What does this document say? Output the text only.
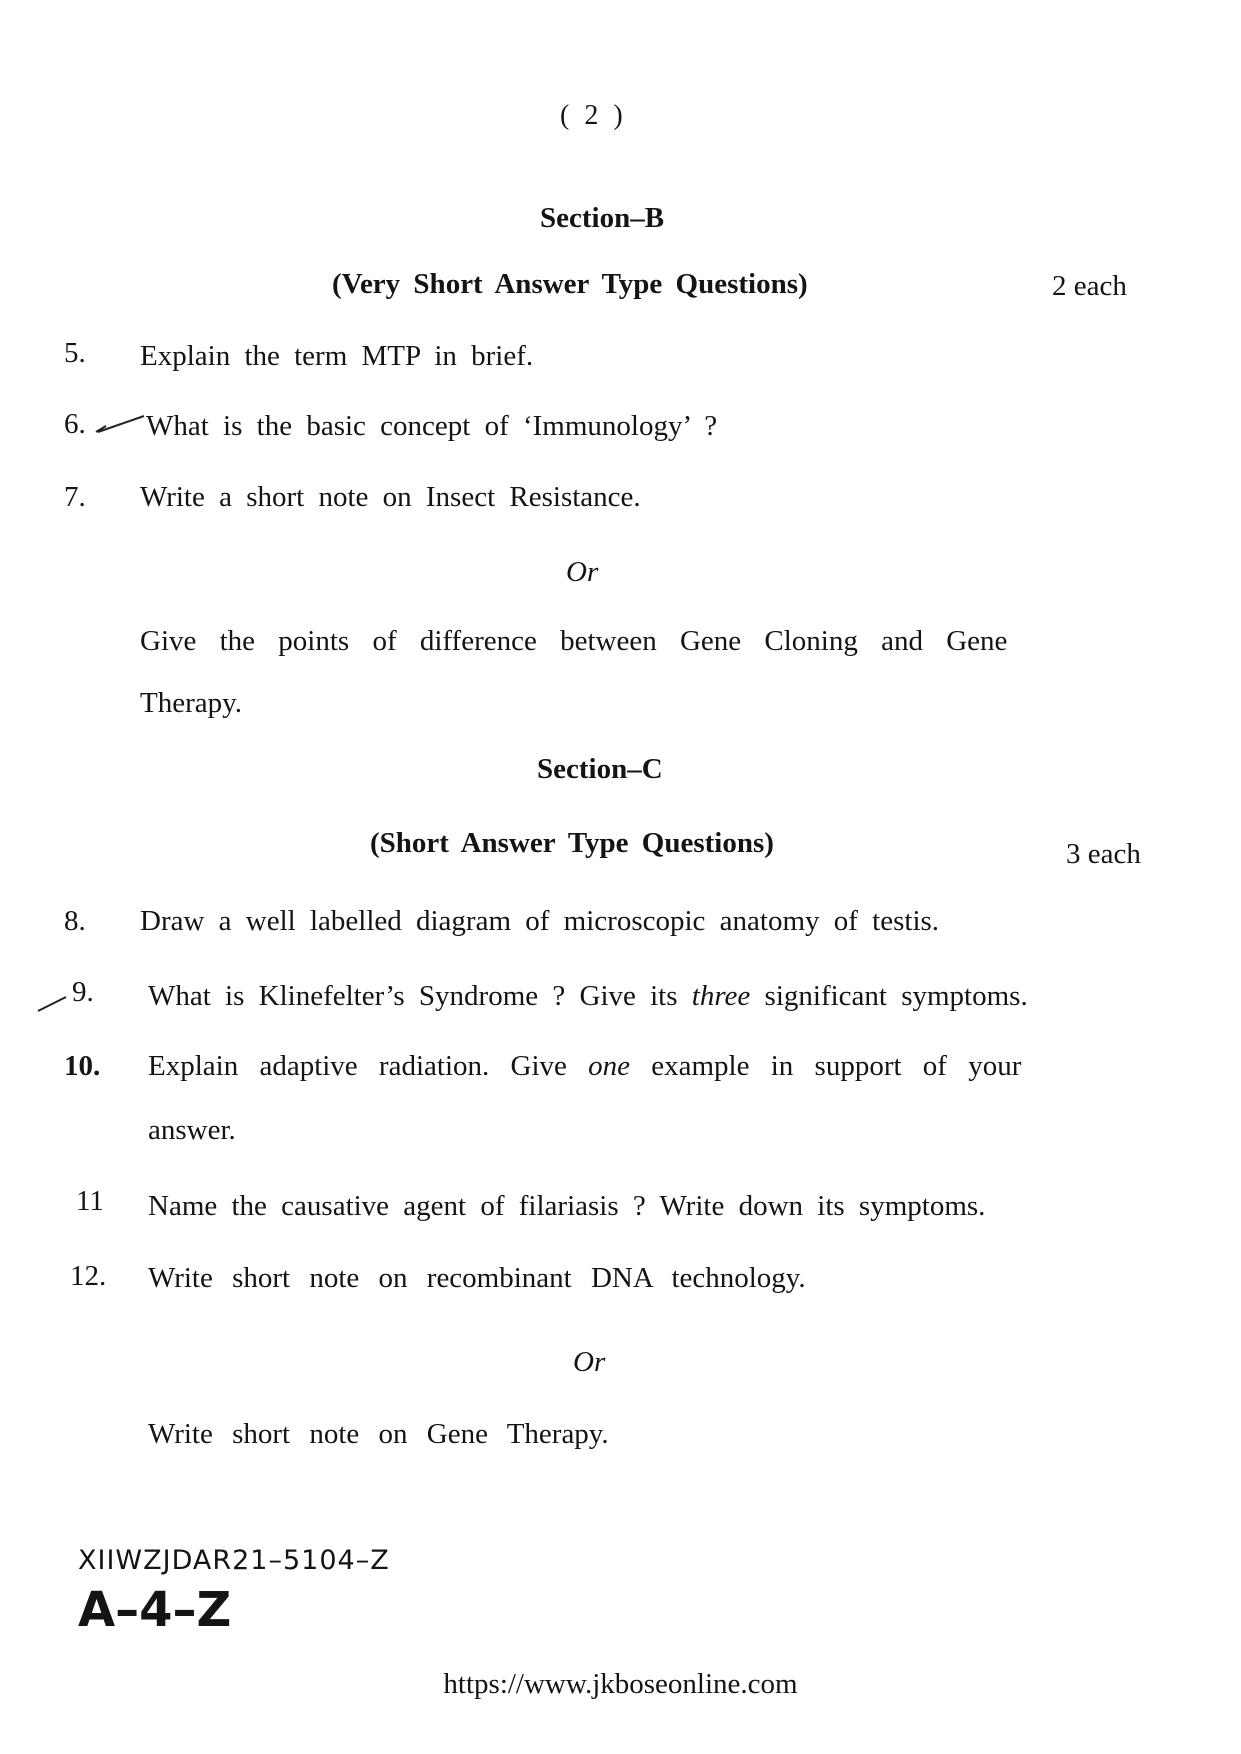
( 2 )
Section–B
(Very Short Answer Type Questions)	2 each
5. Explain the term MTP in brief.
6. What is the basic concept of ‘Immunology’ ?
7. Write a short note on Insect Resistance.
Or
Give the points of difference between Gene Cloning and Gene
Therapy.
Section–C
(Short Answer Type Questions)	3 each
8. Draw a well labelled diagram of microscopic anatomy of testis.
9. What is Klinefelter’s Syndrome ? Give its three significant symptoms.
10. Explain adaptive radiation. Give one example in support of your
answer.
11 Name the causative agent of filariasis ? Write down its symptoms.
12. Write short note on recombinant DNA technology.
Or
Write short note on Gene Therapy.
XIIWZJDAR21–5104–Z
A–4–Z
https://www.jkboseonline.com
